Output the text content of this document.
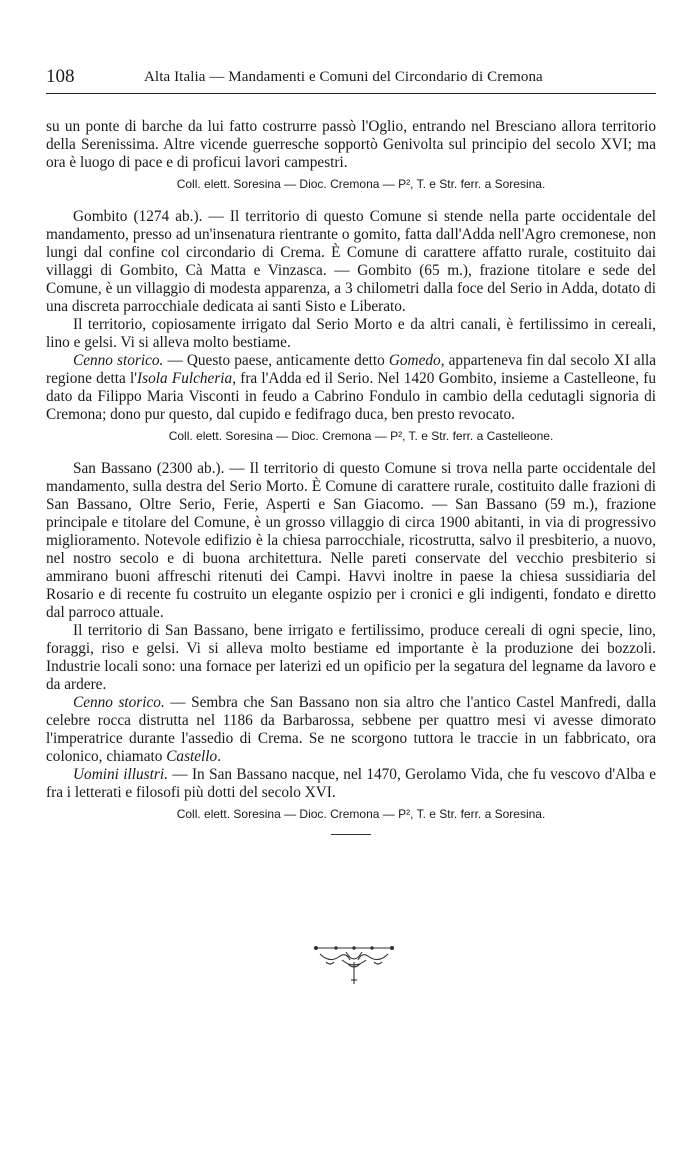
108	Alta Italia — Mandamenti e Comuni del Circondario di Cremona

su un ponte di barche da lui fatto costrurre passò l'Oglio, entrando nel Bresciano allora territorio della Serenissima. Altre vicende guerresche sopportò Genivolta sul principio del secolo XVI; ma ora è luogo di pace e di proficui lavori campestri.

Coll. elett. Soresina — Dioc. Cremona — P², T. e Str. ferr. a Soresina.

Gombito (1274 ab.). — Il territorio di questo Comune si stende nella parte occidentale del mandamento, presso ad un'insenatura rientrante o gomito, fatta dall'Adda nell'Agro cremonese, non lungi dal confine col circondario di Crema. È Comune di carattere affatto rurale, costituito dai villaggi di Gombito, Cà Matta e Vinzasca. — Gombito (65 m.), frazione titolare e sede del Comune, è un villaggio di modesta apparenza, a 3 chilometri dalla foce del Serio in Adda, dotato di una discreta parrocchiale dedicata ai santi Sisto e Liberato.

Il territorio, copiosamente irrigato dal Serio Morto e da altri canali, è fertilissimo in cereali, lino e gelsi. Vi si alleva molto bestiame.

Cenno storico. — Questo paese, anticamente detto Gomedo, apparteneva fin dal secolo XI alla regione detta l'Isola Fulcheria, fra l'Adda ed il Serio. Nel 1420 Gombito, insieme a Castelleone, fu dato da Filippo Maria Visconti in feudo a Cabrino Fondulo in cambio della cedutagli signoria di Cremona; dono pur questo, dal cupido e fedifrago duca, ben presto revocato.

Coll. elett. Soresina — Dioc. Cremona — P², T. e Str. ferr. a Castelleone.

San Bassano (2300 ab.). — Il territorio di questo Comune si trova nella parte occidentale del mandamento, sulla destra del Serio Morto. È Comune di carattere rurale, costituito dalle frazioni di San Bassano, Oltre Serio, Ferie, Asperti e San Giacomo. — San Bassano (59 m.), frazione principale e titolare del Comune, è un grosso villaggio di circa 1900 abitanti, in via di progressivo miglioramento. Notevole edifizio è la chiesa parrocchiale, ricostrutta, salvo il presbiterio, a nuovo, nel nostro secolo e di buona architettura. Nelle pareti conservate del vecchio presbiterio si ammirano buoni affreschi ritenuti dei Campi. Havvi inoltre in paese la chiesa sussidiaria del Rosario e di recente fu costruito un elegante ospizio per i cronici e gli indigenti, fondato e diretto dal parroco attuale.

Il territorio di San Bassano, bene irrigato e fertilissimo, produce cereali di ogni specie, lino, foraggi, riso e gelsi. Vi si alleva molto bestiame ed importante è la produzione dei bozzoli. Industrie locali sono: una fornace per laterizi ed un opificio per la segatura del legname da lavoro e da ardere.

Cenno storico. — Sembra che San Bassano non sia altro che l'antico Castel Manfredi, dalla celebre rocca distrutta nel 1186 da Barbarossa, sebbene per quattro mesi vi avesse dimorato l'imperatrice durante l'assedio di Crema. Se ne scorgono tuttora le traccie in un fabbricato, ora colonico, chiamato Castello.

Uomini illustri. — In San Bassano nacque, nel 1470, Gerolamo Vida, che fu vescovo d'Alba e fra i letterati e filosofi più dotti del secolo XVI.

Coll. elett. Soresina — Dioc. Cremona — P², T. e Str. ferr. a Soresina.
